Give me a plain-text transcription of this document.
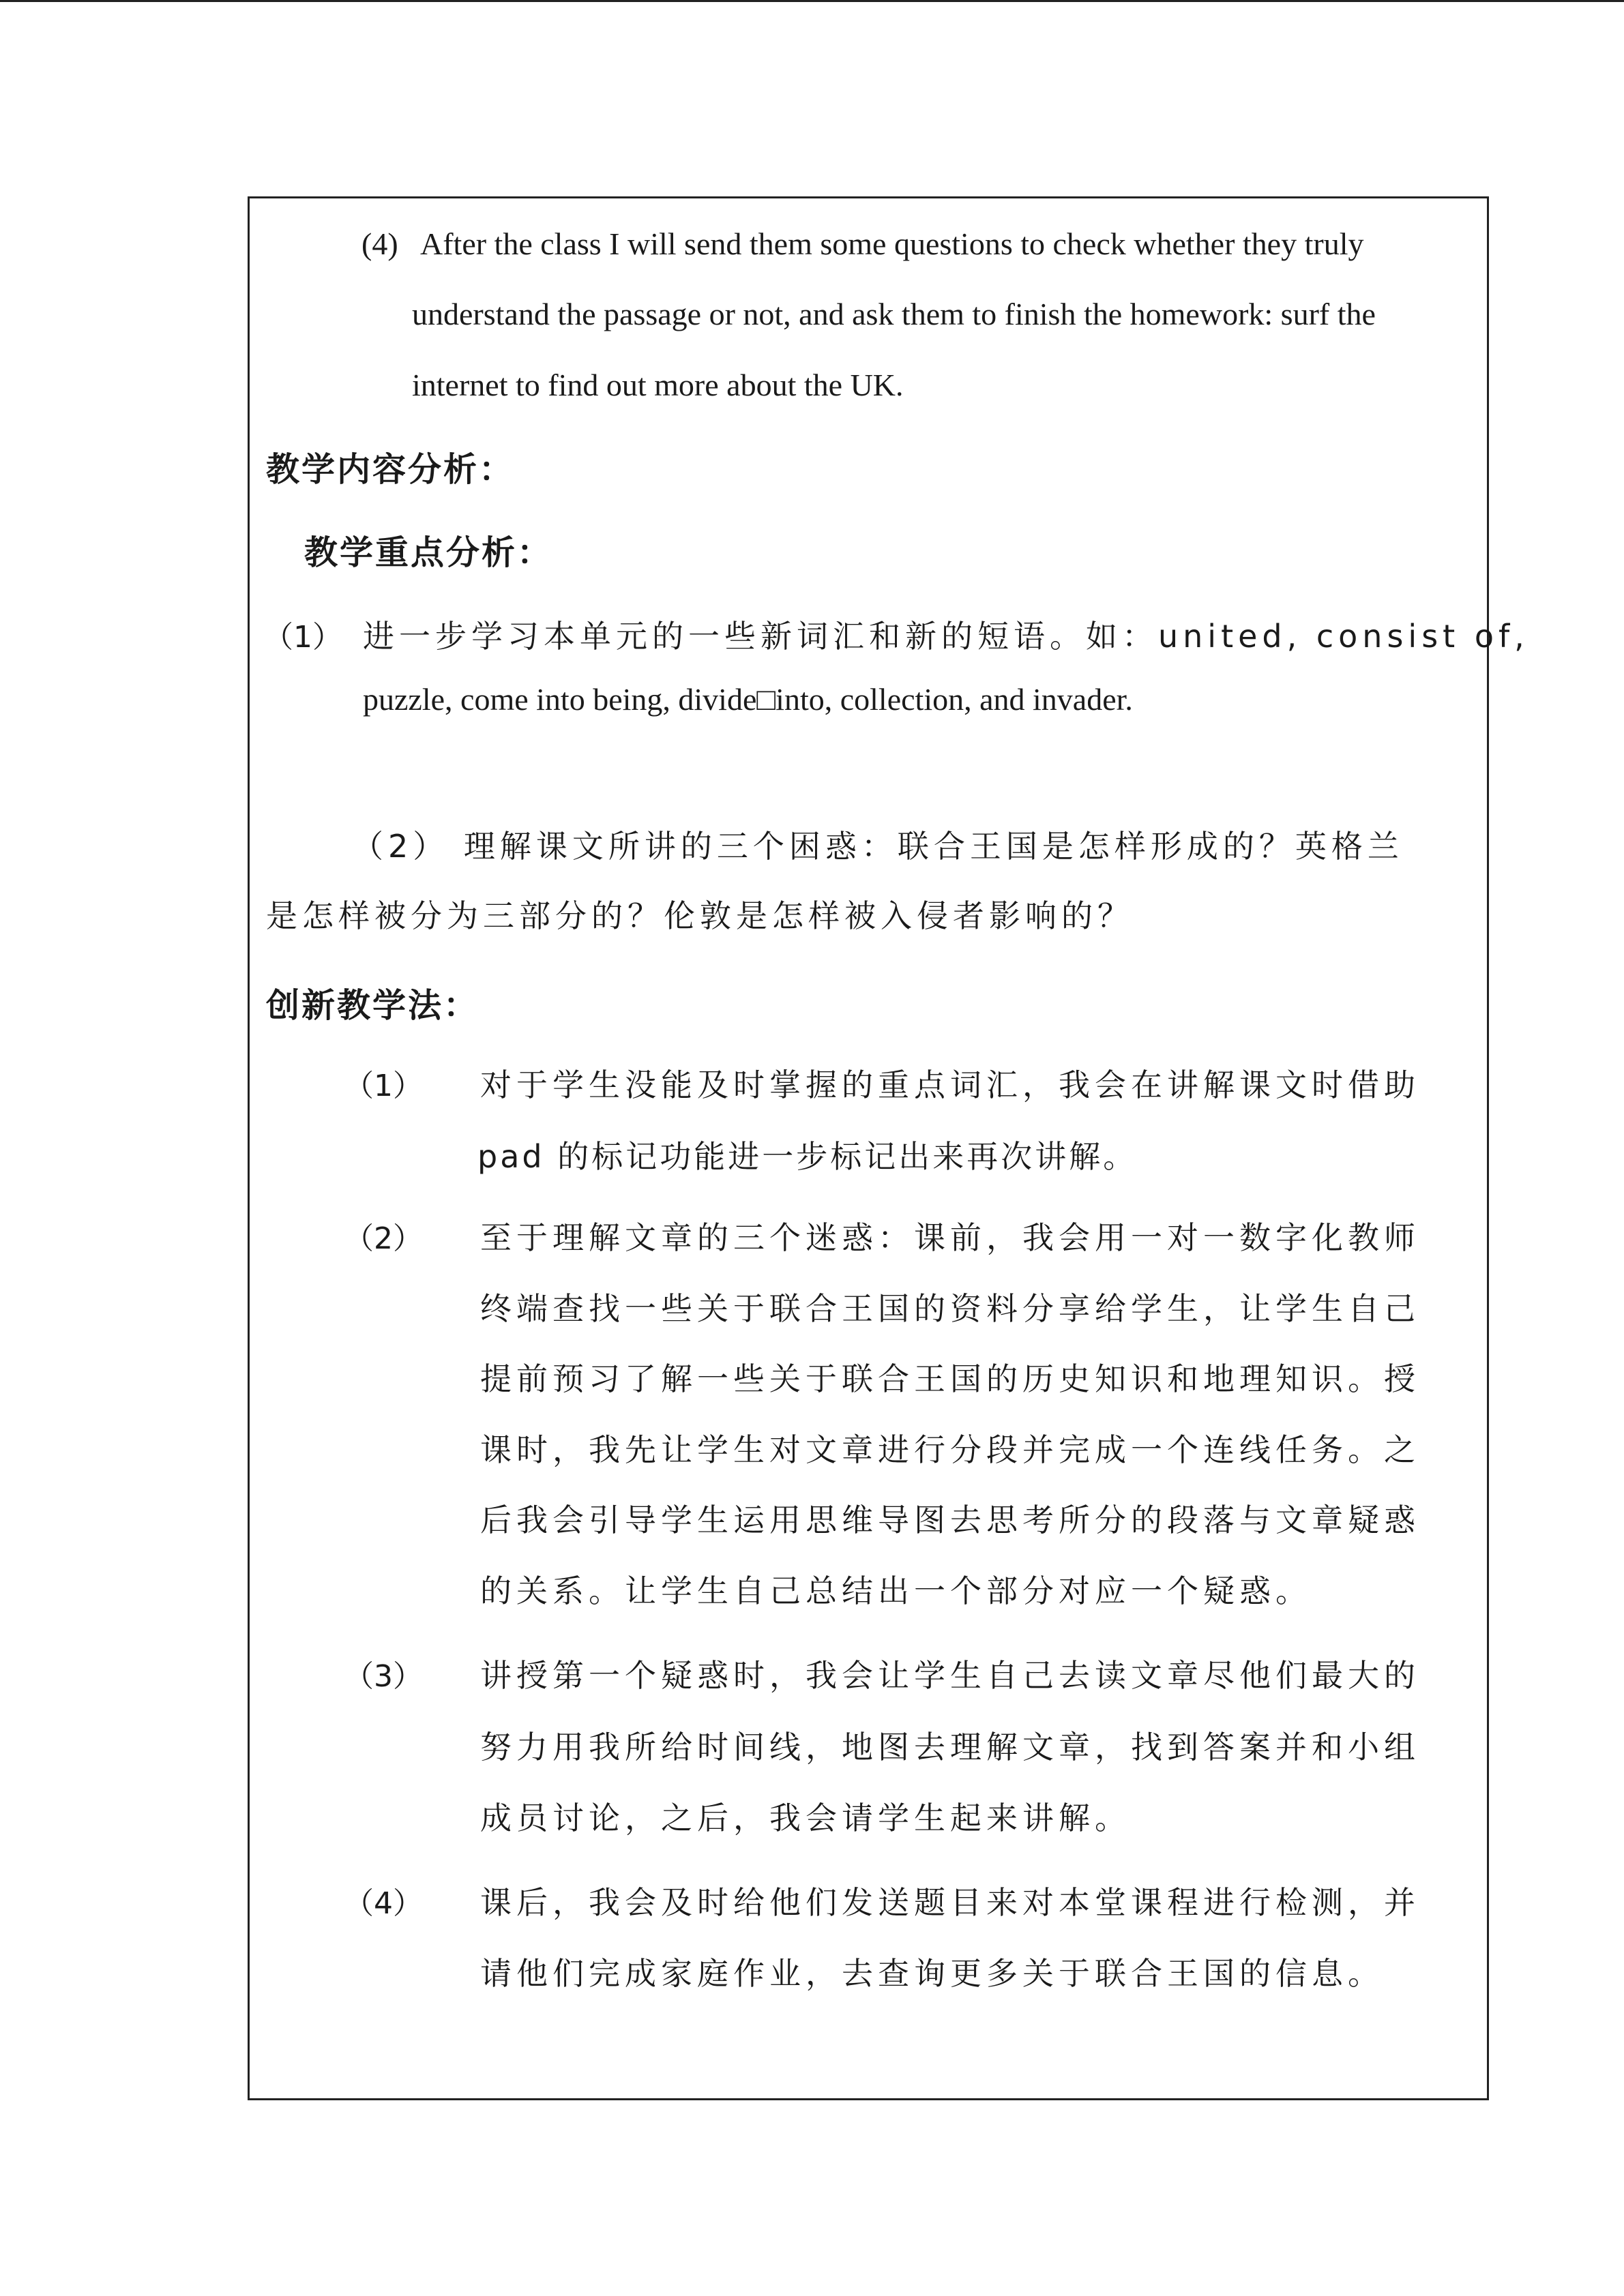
(4) After the class I will send them some questions to check whether they truly
understand the passage or not, and ask them to finish the homework: surf the
internet to find out more about the UK.
教学内容分析：
教学重点分析：
（1） 进一步学习本单元的一些新词汇和新的短语。如：united, consist of,
puzzle, come into being, divide□into, collection, and invader.
（2） 理解课文所讲的三个困惑：联合王国是怎样形成的？英格兰
是怎样被分为三部分的？伦敦是怎样被入侵者影响的？
创新教学法：
（1） 对于学生没能及时掌握的重点词汇，我会在讲解课文时借助
pad 的标记功能进一步标记出来再次讲解。
（2） 至于理解文章的三个迷惑：课前，我会用一对一数字化教师
终端查找一些关于联合王国的资料分享给学生，让学生自己
提前预习了解一些关于联合王国的历史知识和地理知识。授
课时，我先让学生对文章进行分段并完成一个连线任务。之
后我会引导学生运用思维导图去思考所分的段落与文章疑惑
的关系。让学生自己总结出一个部分对应一个疑惑。
（3） 讲授第一个疑惑时，我会让学生自己去读文章尽他们最大的
努力用我所给时间线，地图去理解文章，找到答案并和小组
成员讨论，之后，我会请学生起来讲解。
（4） 课后，我会及时给他们发送题目来对本堂课程进行检测，并
请他们完成家庭作业，去查询更多关于联合王国的信息。
